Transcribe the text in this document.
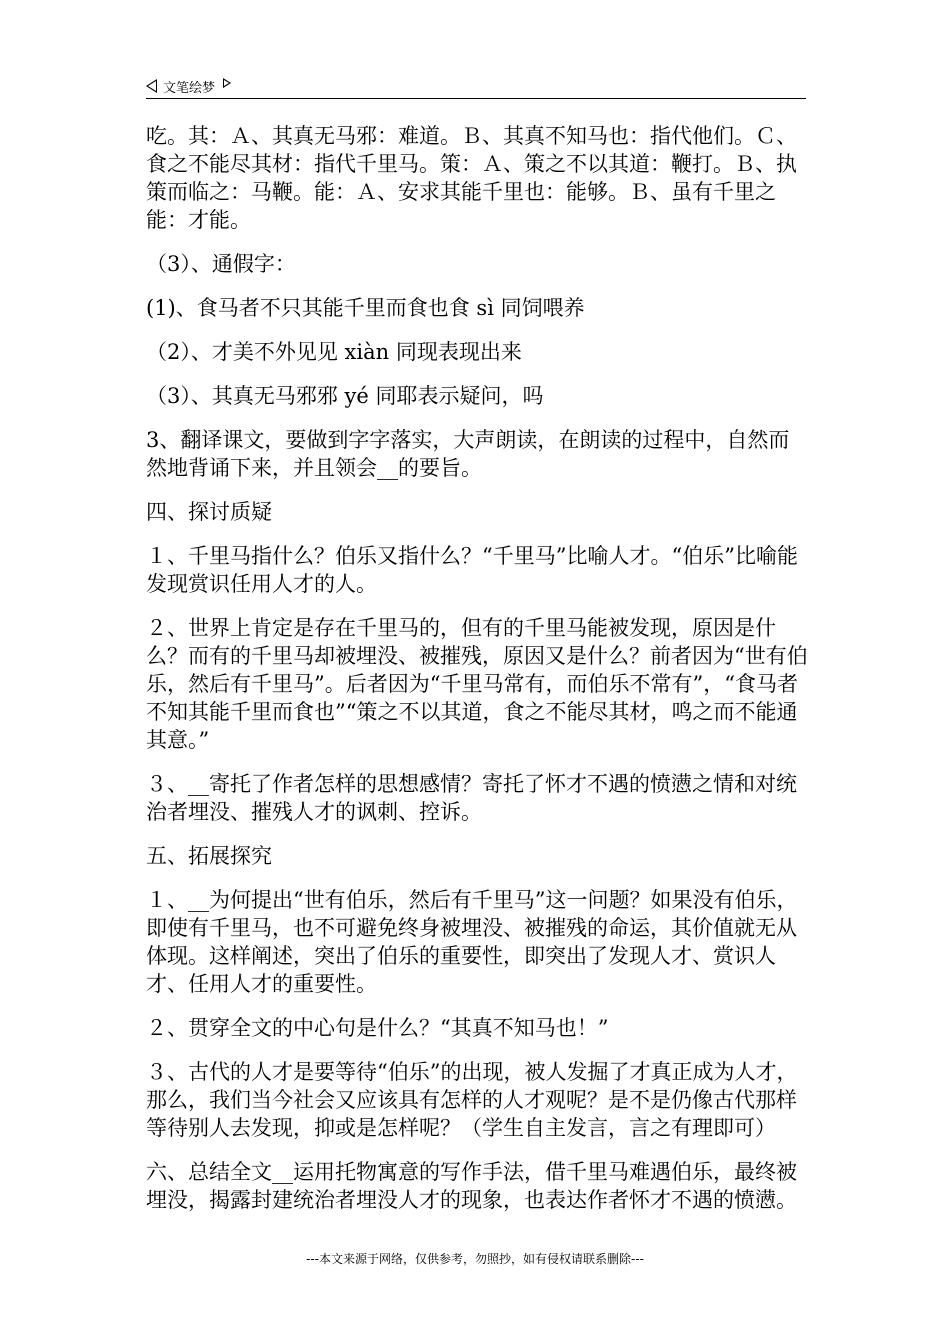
文笔绘梦

吃。其：Ａ、其真无马邪：难道。Ｂ、其真不知马也：指代他们。Ｃ、食之不能尽其材：指代千里马。策：Ａ、策之不以其道：鞭打。Ｂ、执策而临之：马鞭。能：Ａ、安求其能千里也：能够。Ｂ、虽有千里之能：才能。

（3）、通假字：

(1)、食马者不只其能千里而食也食 sì 同饲喂养

（2）、才美不外见见 xiàn 同现表现出来

（3）、其真无马邪邪 yé 同耶表示疑问，吗

3、翻译课文，要做到字字落实，大声朗读，在朗读的过程中，自然而然地背诵下来，并且领会__的要旨。

四、探讨质疑

１、千里马指什么？伯乐又指什么？“千里马”比喻人才。“伯乐”比喻能发现赏识任用人才的人。

２、世界上肯定是存在千里马的，但有的千里马能被发现，原因是什么？而有的千里马却被埋没、被摧残，原因又是什么？前者因为“世有伯乐，然后有千里马”。后者因为“千里马常有，而伯乐不常有”，“食马者不知其能千里而食也”“策之不以其道，食之不能尽其材，鸣之而不能通其意。”

３、__寄托了作者怎样的思想感情？寄托了怀才不遇的愤懑之情和对统治者埋没、摧残人才的讽刺、控诉。

五、拓展探究

１、__为何提出“世有伯乐，然后有千里马”这一问题？如果没有伯乐，即使有千里马，也不可避免终身被埋没、被摧残的命运，其价值就无从体现。这样阐述，突出了伯乐的重要性，即突出了发现人才、赏识人才、任用人才的重要性。

２、贯穿全文的中心句是什么？“其真不知马也！”

３、古代的人才是要等待“伯乐”的出现，被人发掘了才真正成为人才，那么，我们当今社会又应该具有怎样的人才观呢？是不是仍像古代那样等待别人去发现，抑或是怎样呢？（学生自主发言，言之有理即可）

六、总结全文__运用托物寓意的写作手法，借千里马难遇伯乐，最终被埋没，揭露封建统治者埋没人才的现象，也表达作者怀才不遇的愤懑。

---本文来源于网络，仅供参考，勿照抄，如有侵权请联系删除---
